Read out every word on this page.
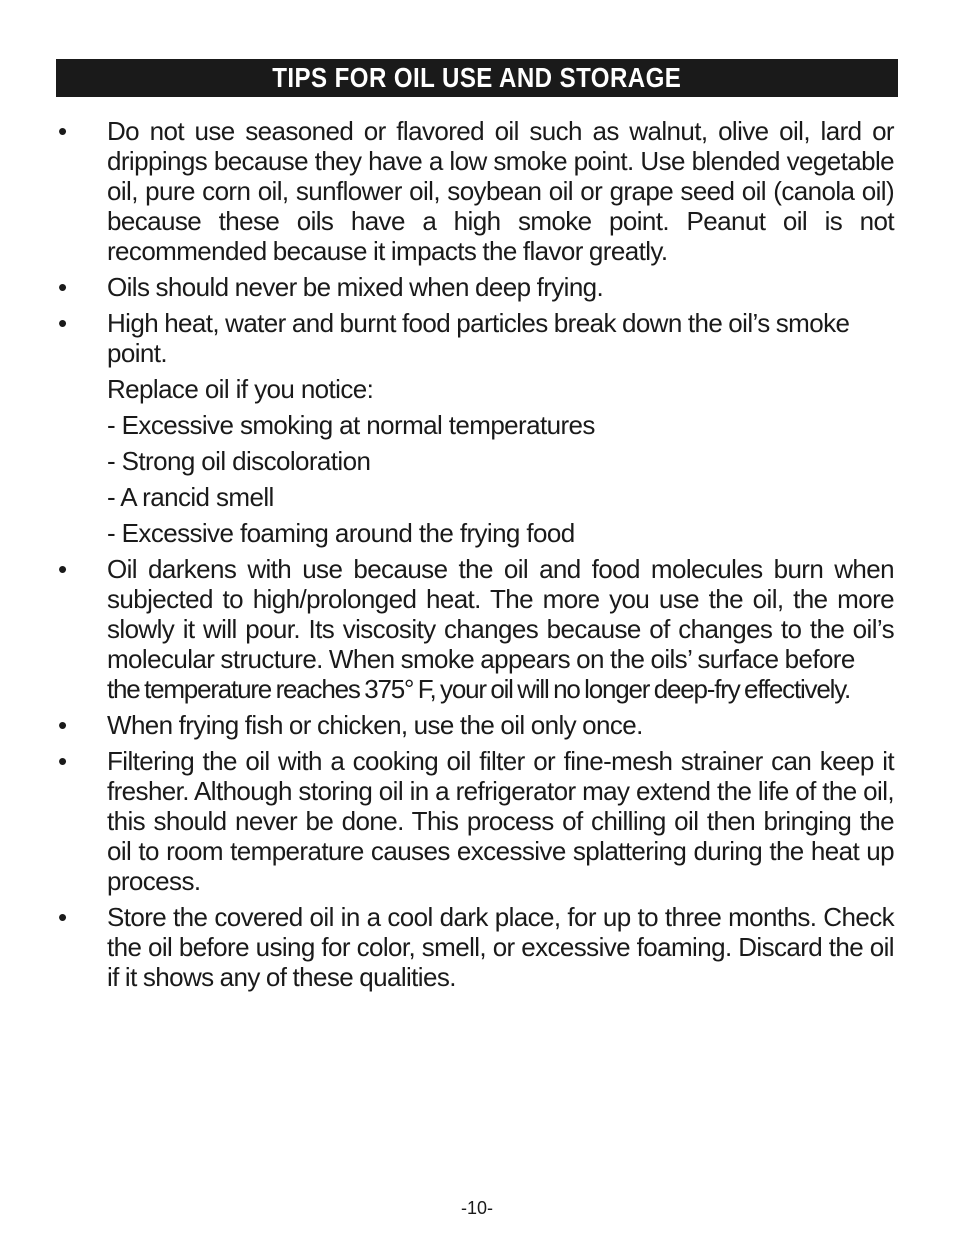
TIPS FOR OIL USE AND STORAGE
•	Do not use seasoned or flavored oil such as walnut, olive oil, lard or drippings because they have a low smoke point. Use blended vegetable oil, pure corn oil, sunflower oil, soybean oil or grape seed oil (canola oil) because these oils have a high smoke point. Peanut oil is not recommended because it impacts the flavor greatly.
•	Oils should never be mixed when deep frying.
•	High heat, water and burnt food particles break down the oil’s smoke point.
Replace oil if you notice:
- Excessive smoking at normal temperatures
- Strong oil discoloration
- A rancid smell
- Excessive foaming around the frying food
•	Oil darkens with use because the oil and food molecules burn when subjected to high/prolonged heat. The more you use the oil, the more slowly it will pour. Its viscosity changes because of changes to the oil’s molecular structure. When smoke appears on the oils’ surface before
the temperature reaches 375° F, your oil will no longer deep-fry effectively.
•	When frying fish or chicken, use the oil only once.
•	Filtering the oil with a cooking oil filter or fine-mesh strainer can keep it fresher. Although storing oil in a refrigerator may extend the life of the oil, this should never be done. This process of chilling oil then bringing the oil to room temperature causes excessive splattering during the heat up process.
•	Store the covered oil in a cool dark place, for up to three months. Check the oil before using for color, smell, or excessive foaming. Discard the oil if it shows any of these qualities.
-10-
